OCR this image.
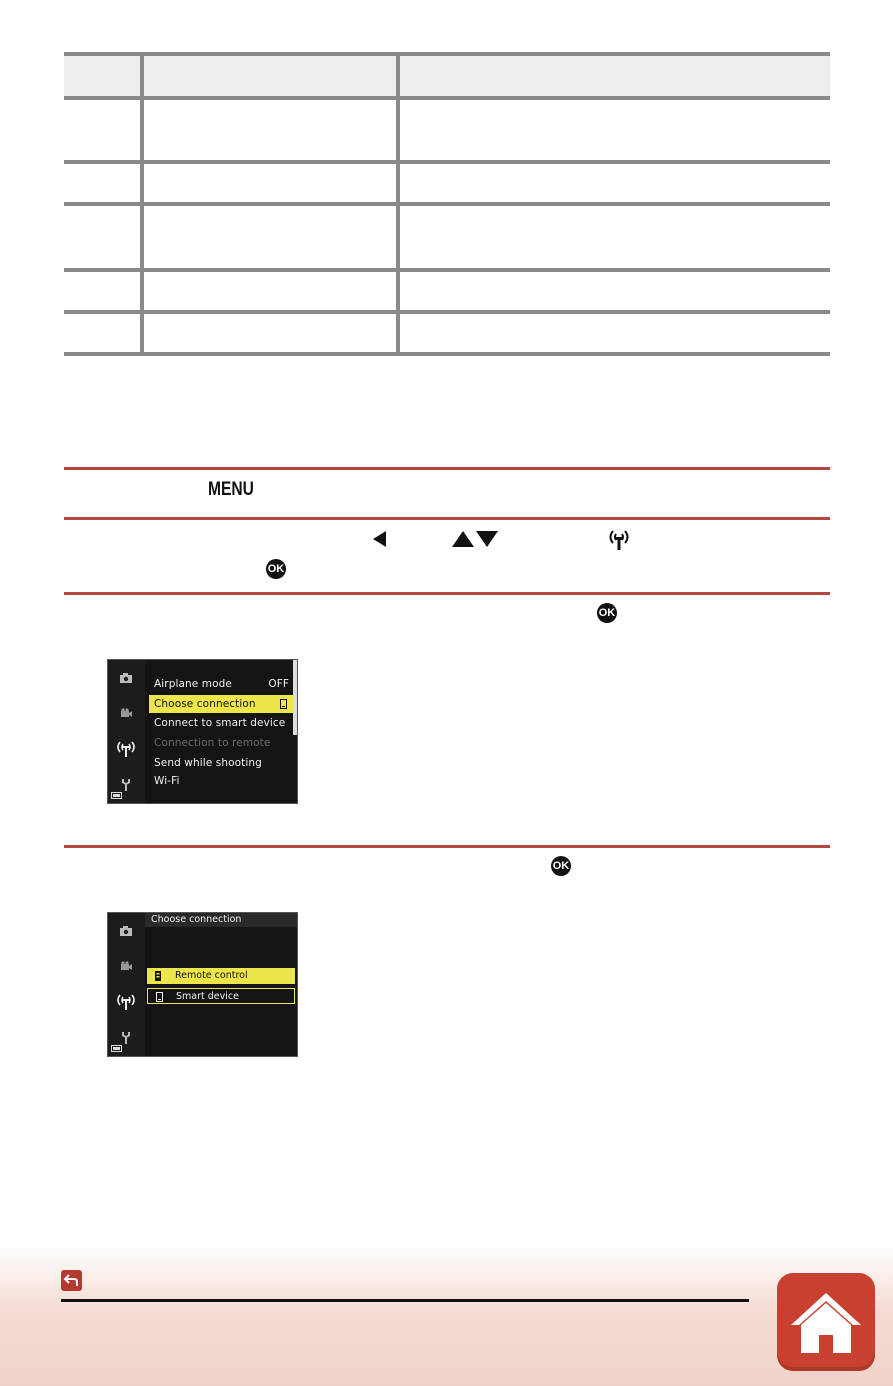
MENU
OK
OK
Airplane mode	OFF
Choose connection
Connect to smart device
Connection to remote
Send while shooting
Wi-Fi
OK
Choose connection
Remote control
Smart device
